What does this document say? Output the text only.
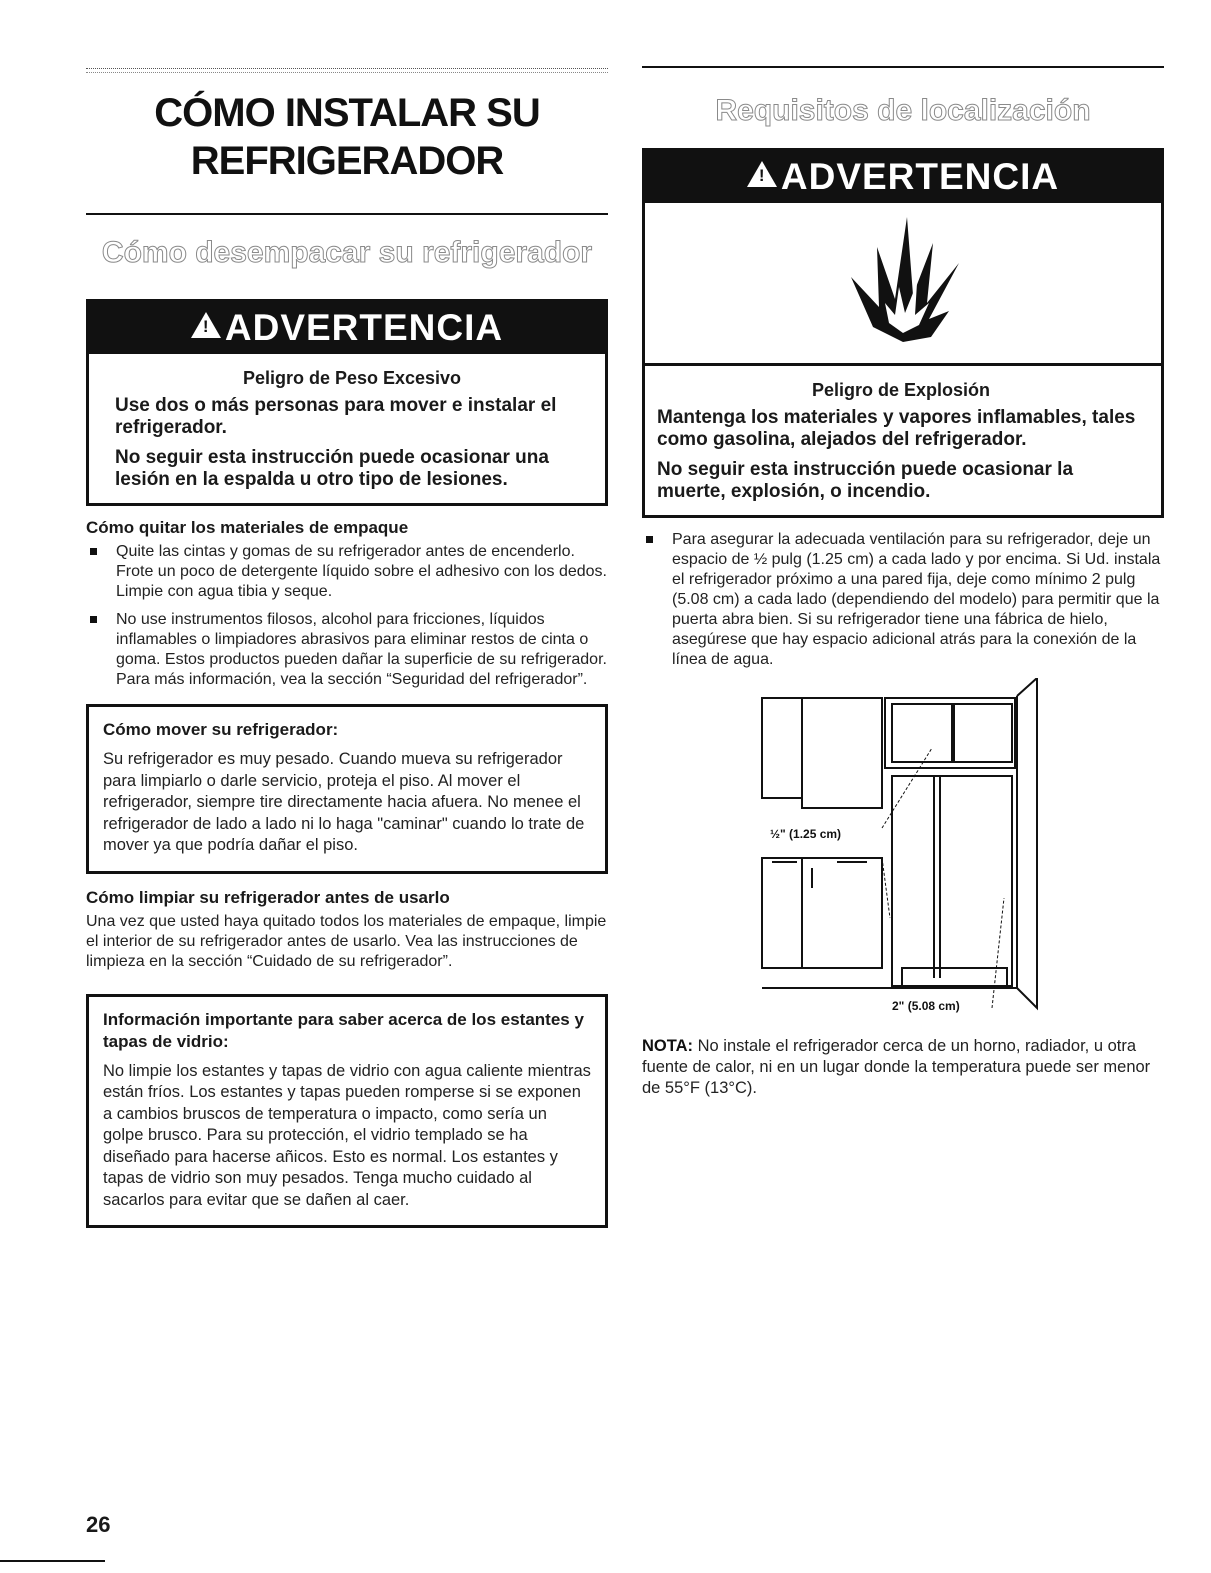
CÓMO INSTALAR SU
REFRIGERADOR
Cómo desempacar su refrigerador
!ADVERTENCIA
Peligro de Peso Excesivo

Use dos o más personas para mover e instalar el refrigerador.

No seguir esta instrucción puede ocasionar una lesión en la espalda u otro tipo de lesiones.

Cómo quitar los materiales de empaque
Quite las cintas y gomas de su refrigerador antes de encenderlo. Frote un poco de detergente líquido sobre el adhesivo con los dedos. Limpie con agua tibia y seque.
No use instrumentos filosos, alcohol para fricciones, líquidos inflamables o limpiadores abrasivos para eliminar restos de cinta o goma. Estos productos pueden dañar la superficie de su refrigerador. Para más información, vea la sección “Seguridad del refrigerador”.

Cómo mover su refrigerador:

Su refrigerador es muy pesado. Cuando mueva su refrigerador para limpiarlo o darle servicio, proteja el piso. Al mover el refrigerador, siempre tire directamente hacia afuera. No menee el refrigerador de lado a lado ni lo haga "caminar" cuando lo trate de mover ya que podría dañar el piso.

Cómo limpiar su refrigerador antes de usarlo

Una vez que usted haya quitado todos los materiales de empaque, limpie el interior de su refrigerador antes de usarlo. Vea las instrucciones de limpieza en la sección “Cuidado de su refrigerador”.

Información importante para saber acerca de los estantes y tapas de vidrio:

No limpie los estantes y tapas de vidrio con agua caliente mientras están fríos. Los estantes y tapas pueden romperse si se exponen a cambios bruscos de temperatura o impacto, como sería un golpe brusco. Para su protección, el vidrio templado se ha diseñado para hacerse añicos. Esto es normal. Los estantes y tapas de vidrio son muy pesados. Tenga mucho cuidado al sacarlos para evitar que se dañen al caer.

Requisitos de localización
!ADVERTENCIA
Peligro de Explosión

Mantenga los materiales y vapores inflamables, tales como gasolina, alejados del refrigerador.

No seguir esta instrucción puede ocasionar la muerte, explosión, o incendio.

Para asegurar la adecuada ventilación para su refrigerador, deje un espacio de ½ pulg (1.25 cm) a cada lado y por encima. Si Ud. instala el refrigerador próximo a una pared fija, deje como mínimo 2 pulg (5.08 cm) a cada lado (dependiendo del modelo) para permitir que la puerta abra bien. Si su refrigerador tiene una fábrica de hielo, asegúrese que hay espacio adicional atrás para la conexión de la línea de agua.
½" (1.25 cm)
2" (5.08 cm)

NOTA: No instale el refrigerador cerca de un horno, radiador, u otra fuente de calor, ni en un lugar donde la temperatura puede ser menor de 55°F (13°C).

26
